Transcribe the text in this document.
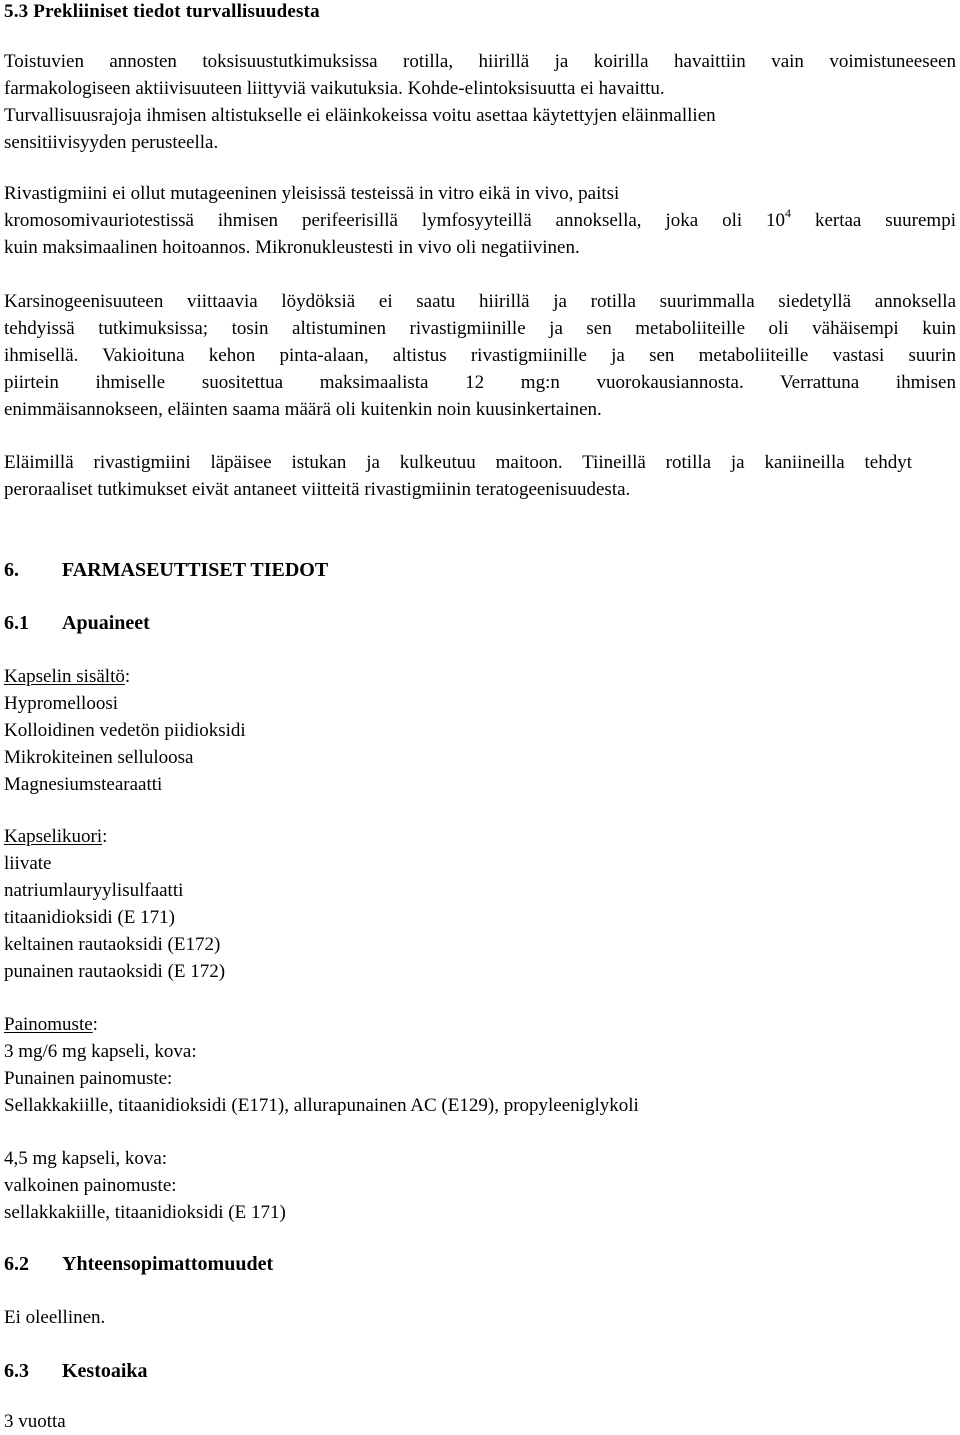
5.3 Prekliiniset tiedot turvallisuudesta
Toistuvien annosten toksisuustutkimuksissa rotilla, hiirillä ja koirilla havaittiin vain voimistuneeseen
farmakologiseen aktiivisuuteen liittyviä vaikutuksia. Kohde-elintoksisuutta ei havaittu.
Turvallisuusrajoja ihmisen altistukselle ei eläinkokeissa voitu asettaa käytettyjen eläinmallien
sensitiivisyyden perusteella.
Rivastigmiini ei ollut mutageeninen yleisissä testeissä in vitro eikä in vivo, paitsi
kromosomivauriotestissä ihmisen perifeerisillä lymfosyyteillä annoksella, joka oli $10^4$ kertaa suurempi
kuin maksimaalinen hoitoannos. Mikronukleustesti in vivo oli negatiivinen.
Karsinogeenisuuteen viittaavia löydöksiä ei saatu hiirillä ja rotilla suurimmalla siedetyllä annoksella
tehdyissä tutkimuksissa; tosin altistuminen rivastigmiinille ja sen metaboliiteille oli vähäisempi kuin
ihmisellä. Vakioituna kehon pinta-alaan, altistus rivastigmiinille ja sen metaboliiteille vastasi suurin
piirtein ihmiselle suositettua maksimaalista 12 mg:n vuorokausiannosta. Verrattuna ihmisen
enimmäisannokseen, eläinten saama määrä oli kuitenkin noin kuusinkertainen.
Eläimillä rivastigmiini läpäisee istukan ja kulkeutuu maitoon. Tiineillä rotilla ja kaniineilla tehdyt
peroraaliset tutkimukset eivät antaneet viitteitä rivastigmiinin teratogeenisuudesta.
6. FARMASEUTTISET TIEDOT
6.1 Apuaineet
Kapselin sisältö:
Hypromelloosi
Kolloidinen vedetön piidioksidi
Mikrokiteinen selluloosa
Magnesiumstearaatti
Kapselikuori:
liivate
natriumlauryylisulfaatti
titaanidioksidi (E 171)
keltainen rautaoksidi (E172)
punainen rautaoksidi (E 172)
Painomuste:
3 mg/6 mg kapseli, kova:
Punainen painomuste:
Sellakkakiille, titaanidioksidi (E171), allurapunainen AC (E129), propyleeniglykoli
4,5 mg kapseli, kova:
valkoinen painomuste:
sellakkakiille, titaanidioksidi (E 171)
6.2 Yhteensopimattomuudet
Ei oleellinen.
6.3 Kestoaika
3 vuotta
